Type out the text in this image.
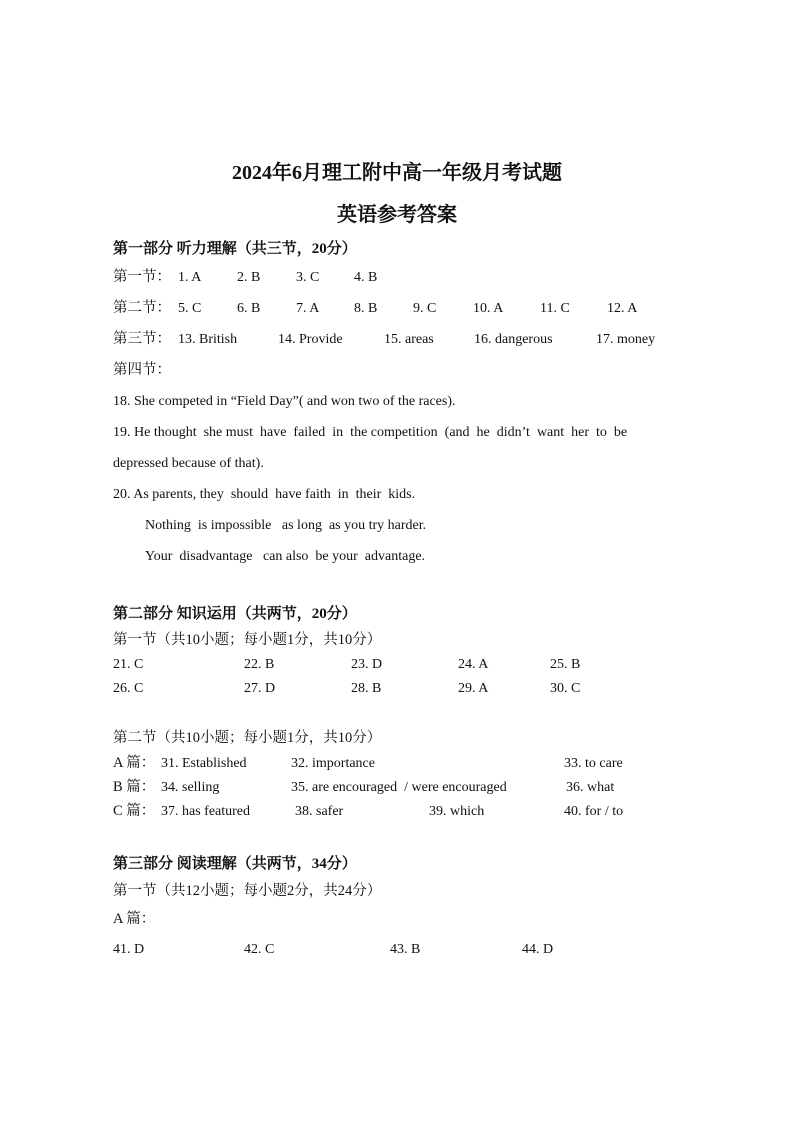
2024年6月理工附中高一年级月考试题
英语参考答案
第一部分 听力理解（共三节，20分）
第一节： 1. A	2. B	3. C 4. B
第二节： 5. C	6. B	7. A 8. B	9. C	10. A	11. C	12. A
第三节： 13. British	14. Provide	15. areas	16. dangerous	17. money
第四节：
18. She competed in “Field Day”( and won two of the races).
19. He thought  she must  have  failed  in  the competition  (and  he  didn’t  want  her  to  be
depressed because of that).
20. As parents, they  should  have faith  in  their  kids.
Nothing  is impossible   as long  as you try harder.
Your  disadvantage   can also  be your  advantage.
第二部分 知识运用（共两节，20分）
第一节（共10小题；每小题1分，共10分）
21. C	22. B	23. D	24. A	25. B
26. C	27. D	28. B	29. A	30. C
第二节（共10小题；每小题1分，共10分）
A 篇： 31. Established	32. importance	33. to care
B 篇： 34. selling	35. are encouraged  / were encouraged	36. what
C 篇： 37. has featured	38. safer	39. which	40. for / to
第三部分 阅读理解（共两节，34分）
第一节（共12小题；每小题2分，共24分）
A 篇：
41. D	42. C	43. B	44. D
